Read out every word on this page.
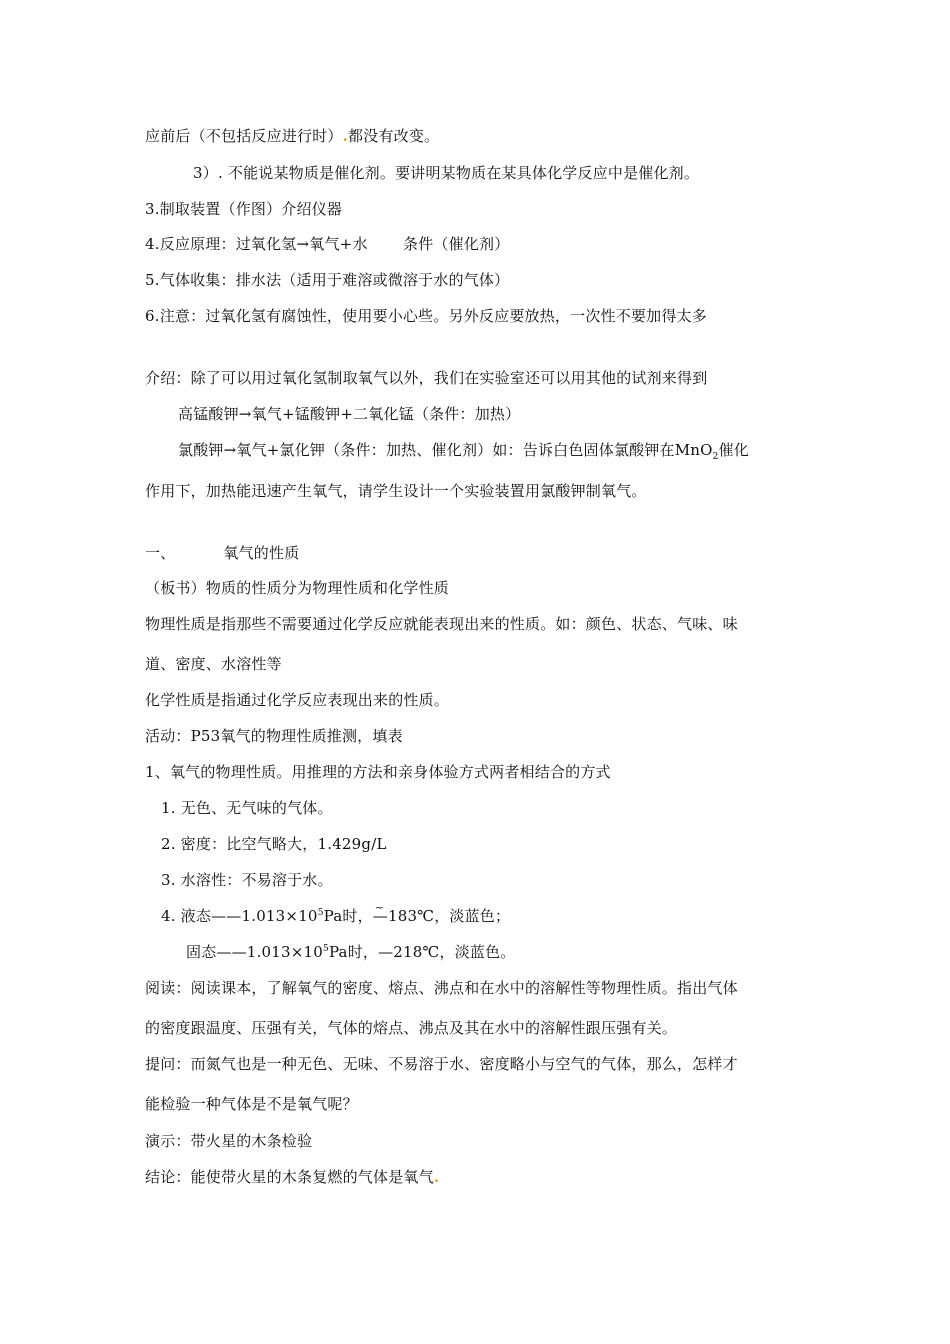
应前后（不包括反应进行时）.都没有改变。
3）. 不能说某物质是催化剂。要讲明某物质在某具体化学反应中是催化剂。
3.制取装置（作图）介绍仪器
4.反应原理：过氧化氢→氧气+水　　 条件（催化剂）
5.气体收集：排水法（适用于难溶或微溶于水的气体）
6.注意：过氧化氢有腐蚀性，使用要小心些。另外反应要放热，一次性不要加得太多
介绍：除了可以用过氧化氢制取氧气以外，我们在实验室还可以用其他的试剂来得到
高锰酸钾→氧气+锰酸钾+二氧化锰（条件：加热）
氯酸钾→氧气+氯化钾（条件：加热、催化剂）如：告诉白色固体氯酸钾在MnO$_2$催化
作用下，加热能迅速产生氧气，请学生设计一个实验装置用氯酸钾制氧气。
一、	氧气的性质
（板书）物质的性质分为物理性质和化学性质
物理性质是指那些不需要通过化学反应就能表现出来的性质。如：颜色、状态、气味、味
道、密度、水溶性等
化学性质是指通过化学反应表现出来的性质。
活动：P53氧气的物理性质推测，填表
1、氧气的物理性质。用推理的方法和亲身体验方式两者相结合的方式
1. 无色、无气味的气体。
2. 密度：比空气略大，1.429g/L
3. 水溶性：不易溶于水。
4. 液态$——1.013\times 10^5Pa$时，~ —183℃，淡蓝色；
固态$——1.013\times 10^5Pa$时，—218℃，淡蓝色。
阅读：阅读课本，了解氧气的密度、熔点、沸点和在水中的溶解性等物理性质。指出气体
的密度跟温度、压强有关，气体的熔点、沸点及其在水中的溶解性跟压强有关。
提问：而氮气也是一种无色、无味、不易溶于水、密度略小与空气的气体，那么，怎样才
能检验一种气体是不是氧气呢？
演示：带火星的木条检验
结论：能使带火星的木条复燃的气体是氧气.
